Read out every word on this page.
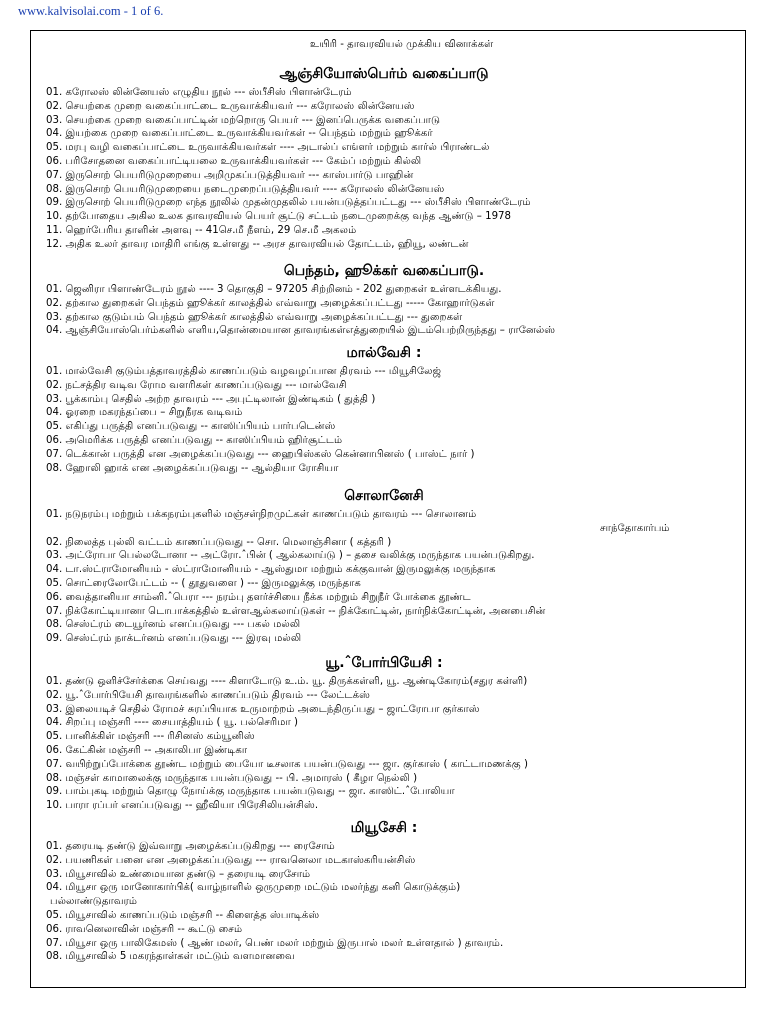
www.kalvisolai.com - 1 of 6.
உயிரி - தாவரவியல் முக்கிய வினாக்கள்
ஆஞ்சியோஸ்பெர்ம் வகைப்பாடு
01. கரோலஸ் லின்னேயஸ் எழுதிய நூல் --- ஸ்பீசிஸ் பிளான்டேரம்
02. செயற்கை முறை வகைப்பாட்டை உருவாக்கியவர் --- கரோலஸ் லின்னேயஸ்
03. செயற்கை முறை வகைப்பாட்டின் மற்றொரு பெயர் --- இனப்பெருக்க வகைப்பாடு
04. இயற்கை முறை வகைப்பாட்டை உருவாக்கியவர்கள் -- பெந்தம் மற்றும் ஹூக்கர்
05. மரபு வழி வகைப்பாட்டை உருவாக்கியவர்கள் ---- அடால்ப் எங்ளர் மற்றும் கார்ல் பிராண்டல்
06. பரிசோதனை வகைப்பாட்டியலை உருவாக்கியவர்கள் --- கேம்ப் மற்றும் கில்லி
07. இருசொற் பெயரிடுமுறையை அறிமுகப்படுத்தியவர் --- காஸ்பார்டு பாஹின்
08. இருசொற் பெயரிடுமுறையை நடைமுறைப்படுத்தியவர் ---- கரோலஸ் லின்னேயஸ்
09. இருசொற் பெயரிடுமுறை எந்த நூலில் முதன்முதலில் பயன்படுத்தப்பட்டது --- ஸ்பீசிஸ் பிளாண்டேரம்
10. தற்போதைய அகில உலக தாவரவியல் பெயர் சூட்டு சட்டம் நடைமுறைக்கு வந்த ஆண்டு – 1978
11. ஹெர்பேரிய தாளின் அளவு -- 41செ.மீ நீளம், 29 செ.மீ அகலம்
12. அதிக உலர் தாவர மாதிரி எங்கு உள்ளது -- அரச தாவரவியல் தோட்டம், ஹியூ, லண்டன்
பெந்தம், ஹூக்கர் வகைப்பாடு.
01. ஜெனிரா பிளாண்டேரம் நூல் ---- 3 தொகுதி – 97205 சிற்றினம் - 202 துறைகள் உள்ளடக்கியது.
02. தற்கால துறைகள் பெந்தம் ஹூக்கர் காலத்தில் எவ்வாறு அழைக்கப்பட்டது ----- கோஹார்டுகள்
03. தற்கால குடும்பம் பெந்தம் ஹூக்கர் காலத்தில் எவ்வாறு அழைக்கப்பட்டது --- துறைகள்
04. ஆஞ்சியோஸ்பெர்ம்களில் எளிய,தொன்மையான தாவரங்கள்எத்துறையில் இடம்பெற்றிருந்தது – ரானேல்ஸ்
மால்வேசி :
01. மால்வேசி குடும்பத்தாவரத்தில் காணப்படும் வழவழப்பான திரவம் --- மியூசிலேஜ்
02. நட்சத்திர வடிவ ரோம வளரிகள் காணப்படுவது --- மால்வேசி
03. பூக்காம்பு செதில் அற்ற தாவரம் --- அபுட்டிலான் இண்டிகம் ( துத்தி )
04. ஓரறை மகரந்தப்பை – சிறுநீரக வடிவம்
05. எகிப்து பருத்தி எனப்படுவது -- காஸிப்பியம் பார்படென்ஸ்
06. அமெரிக்க பருத்தி எனப்படுவது -- காஸிப்பியம் ஹிர்சூட்டம்
07. டெக்கான் பருத்தி என அழைக்கப்படுவது --- ஹைபிஸ்கஸ் கென்னாபினஸ் ( பாஸ்ட் நார் )
08. ஹோலி ஹாக் என அழைக்கப்படுவது -- ஆல்தியா ரோசியா
சொலானேசி
01. நடுநரம்பு மற்றும் பக்கநரம்புகளில் மஞ்சள்நிறமுட்கள் காணப்படும் தாவரம் --- சொலானம்
சாந்தோகார்பம்
02. நிலைத்த புல்லி வட்டம் காணப்படுவது -- சொ. மெலாஞ்சினா ( கத்தரி )
03. அட்ரோபா பெல்லடோனா -- அட்ரோ.ˆபின் ( ஆல்கலாய்டு ) – தசை வலிக்கு மருந்தாக பயன்படுகிறது.
04. டா.ஸ்ட்ராமோனியம் - ஸ்ட்ராமோனியம் - ஆஸ்துமா மற்றும் கக்குவான் இருமலுக்கு மருந்தாக
05. சொட்ரைலோபேட்டம் -- ( தூதுவளை ) --- இருமலுக்கு மருந்தாக
06. வைத்தானியா சாம்னி.ˆபெரா --- நரம்பு தளர்ச்சியை நீக்க மற்றும் சிறுநீர் போக்கை தூண்ட
07. நிக்கோட்டியானா டொபாக்கத்தில் உள்ளஆல்கலாய்டுகள் -- நிக்கோட்டின், நார்நிக்கோட்டின், அனபைசின்
08. செஸ்ட்ரம் டையூர்னம் எனப்படுவது --- பகல் மல்லி
09. செஸ்ட்ரம் நாக்டர்னம் எனப்படுவது --- இரவு மல்லி
யூ.ˆபோர்பியேசி :
01. தண்டு ஒளிச்சேர்க்கை செய்வது ---- கிளாடோடு உ.ம். யூ. திருக்கள்ளி, யூ. ஆண்டிகோரம்(சதுர கள்ளி)
02. யூ.ˆபோர்பியேசி தாவரங்களில் காணப்படும் திரவம் --- லேட்டக்ஸ்
03. இலையடிச் செதில் ரோமச் சுரப்பியாக உருமாற்றம் அடைந்திருப்பது – ஜாட்ரோபா குர்காஸ்
04. சிறப்பு மஞ்சரி ---- சையாத்தியம் ( யூ. பல்செரிமா )
05. பானிக்கிள் மஞ்சரி --- ரிசினஸ் கம்யூனிஸ்
06. கேட்கின் மஞ்சரி -- அகாலிபா இண்டிகா
07. வயிற்றுப்போக்கை தூண்ட மற்றும் பையோ டீசலாக பயன்படுவது --- ஜா. குர்காஸ் ( காட்டாமணக்கு )
08. மஞ்சள் காமாலைக்கு மருந்தாக பயன்படுவது -- பி. அமாரஸ் ( கீழா நெல்லி )
09. பாம்புகடி மற்றும் தொழு நோய்க்கு மருந்தாக பயன்படுவது -- ஜா. காஸிட்.ˆபோலியா
10. பாரா ரப்பர் எனப்படுவது -- ஹீவியா பிரேசிலியன்சிஸ்.
மியூசேசி :
01. தரையடி தண்டு இவ்வாறு அழைக்கப்படுகிறது --- ரைசோம்
02. பயணிகள் பனை என அழைக்கப்படுவது --- ராவனெலா மடகாஸ்கரியன்சிஸ்
03. மியூசாவில் உண்மையான தண்டு – தரையடி ரைசோம்
04. மியூசா ஒரு மானோகார்பிக்( வாழ்நாளில் ஒருமுறை மட்டும் மலர்ந்து கனி கொடுக்கும்)
பல்லாண்டுதாவரம்
05. மியூசாவில் காணப்படும் மஞ்சரி -- கிளைத்த ஸ்பாடிக்ஸ்
06. ராவனெலாவின் மஞ்சரி -- கூட்டு சைம்
07. மியூசா ஒரு பாலிகேமஸ் ( ஆண் மலர், பெண் மலர் மற்றும் இருபால் மலர் உள்ளதால் ) தாவரம்.
08. மியூசாவில் 5 மகரந்தாள்கள் மட்டும் வளமானவை
